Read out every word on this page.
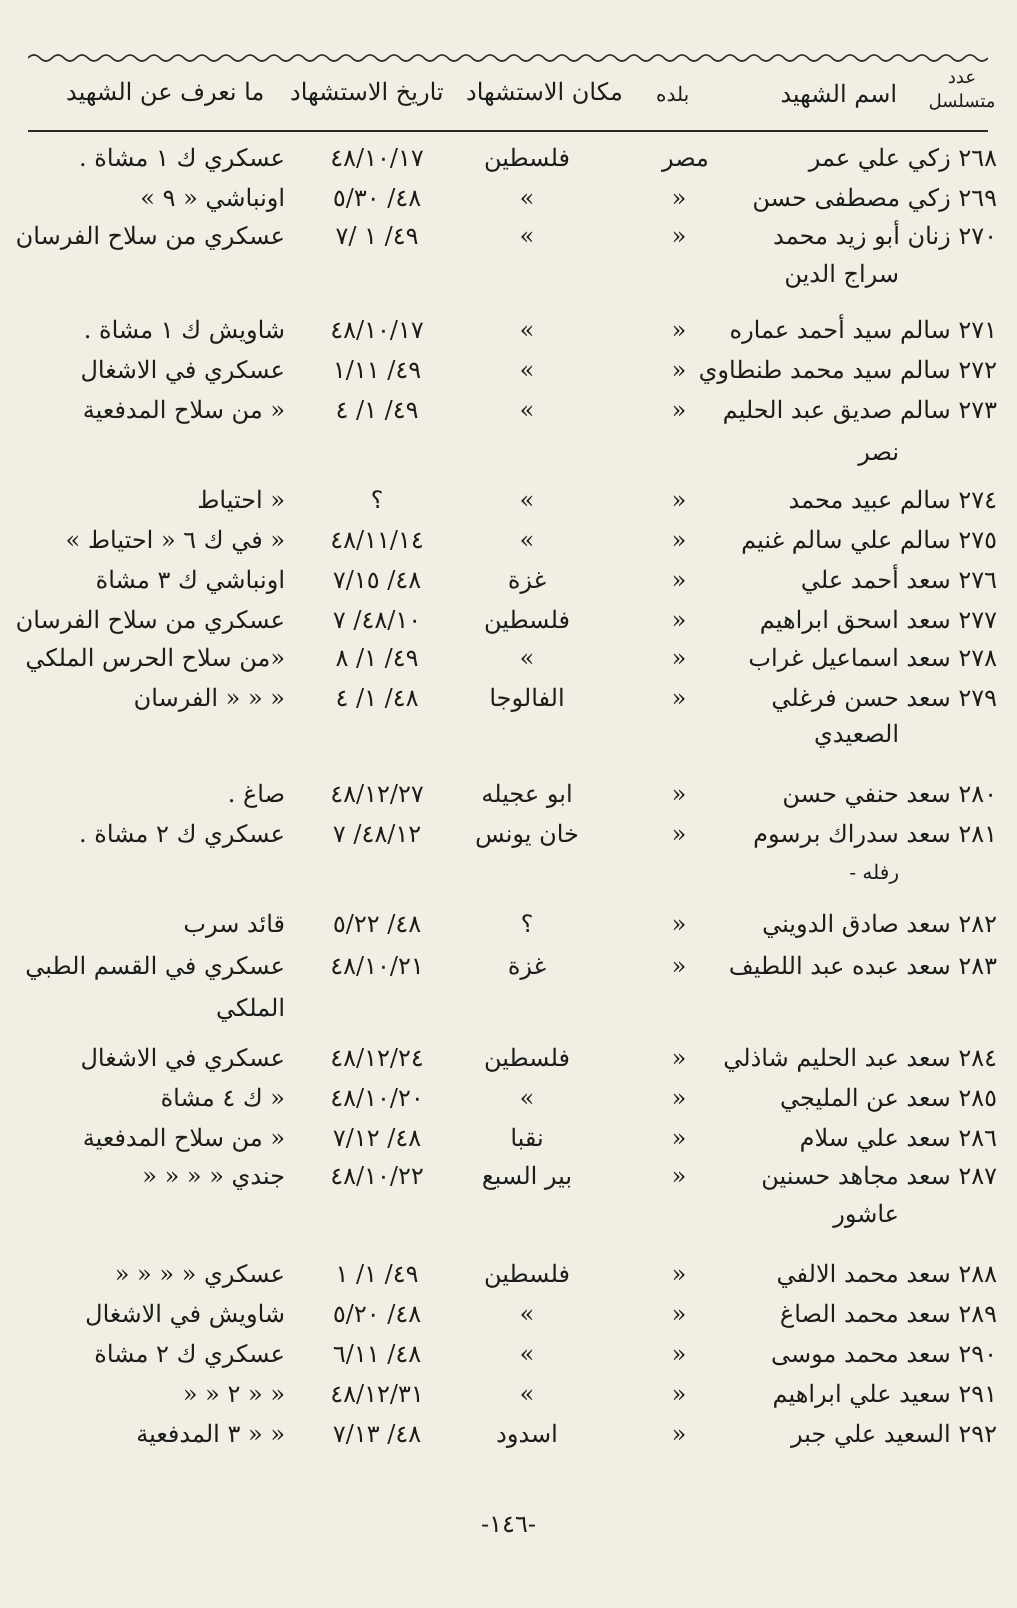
عدد
متسلسل
اسم الشهيد
بلده
مكان الاستشهاد
تاريخ الاستشهاد
ما نعرف عن الشهيد
٢٦٨ زكي علي عمر
مصر
فلسطين
٤٨/١٠/١٧
عسكري ك ١ مشاة .
٢٦٩ زكي مصطفى حسن
»
»
٤٨/ ٥/٣٠
اونباشي « ٩ »
٢٧٠ زنان أبو زيد محمد
»
»
٤٩/ ١ /٧
عسكري من سلاح الفرسان
٢٧١ سالم سيد أحمد عماره
»
»
٤٨/١٠/١٧
شاويش ك ١ مشاة .
٢٧٢ سالم سيد محمد طنطاوي
»
»
٤٩/ ١/١١
عسكري في الاشغال
٢٧٣ سالم صديق عبد الحليم
»
»
٤٩/ ١/ ٤
« من سلاح المدفعية
٢٧٤ سالم عبيد محمد
»
»
؟
« احتياط
٢٧٥ سالم علي سالم غنيم
»
»
٤٨/١١/١٤
« في ك ٦ « احتياط »
٢٧٦ سعد أحمد علي
»
غزة
٤٨/ ٧/١٥
اونباشي ك ٣ مشاة
٢٧٧ سعد اسحق ابراهيم
»
فلسطين
٤٨/١٠/ ٧
عسكري من سلاح الفرسان
٢٧٨ سعد اسماعيل غراب
»
»
٤٩/ ١/ ٨
«من سلاح الحرس الملكي
٢٧٩ سعد حسن فرغلي
»
الفالوجا
٤٨/ ١/ ٤
« « « الفرسان
٢٨٠ سعد حنفي حسن
»
ابو عجيله
٤٨/١٢/٢٧
صاغ .
٢٨١ سعد سدراك برسوم
»
خان يونس
٤٨/١٢/ ٧
عسكري ك ٢ مشاة .
٢٨٢ سعد صادق الدويني
»
؟
٤٨/ ٥/٢٢
قائد سرب
٢٨٣ سعد عبده عبد اللطيف
»
غزة
٤٨/١٠/٢١
عسكري في القسم الطبي
٢٨٤ سعد عبد الحليم شاذلي
»
فلسطين
٤٨/١٢/٢٤
عسكري في الاشغال
٢٨٥ سعد عن المليجي
»
»
٤٨/١٠/٢٠
« ك ٤ مشاة
٢٨٦ سعد علي سلام
»
نقبا
٤٨/ ٧/١٢
« من سلاح المدفعية
٢٨٧ سعد مجاهد حسنين
»
بير السبع
٤٨/١٠/٢٢
جندي « « « «
٢٨٨ سعد محمد الالفي
»
فلسطين
٤٩/ ١/ ١
عسكري « « « «
٢٨٩ سعد محمد الصاغ
»
»
٤٨/ ٥/٢٠
شاويش في الاشغال
٢٩٠ سعد محمد موسى
»
»
٤٨/ ٦/١١
عسكري ك ٢ مشاة
٢٩١ سعيد علي ابراهيم
»
»
٤٨/١٢/٣١
« « ٢ « «
٢٩٢ السعيد علي جبر
»
اسدود
٤٨/ ٧/١٣
« « ٣ المدفعية
سراج الدين
نصر
الصعيدي
رفله -
الملكي
عاشور
-١٤٦-
